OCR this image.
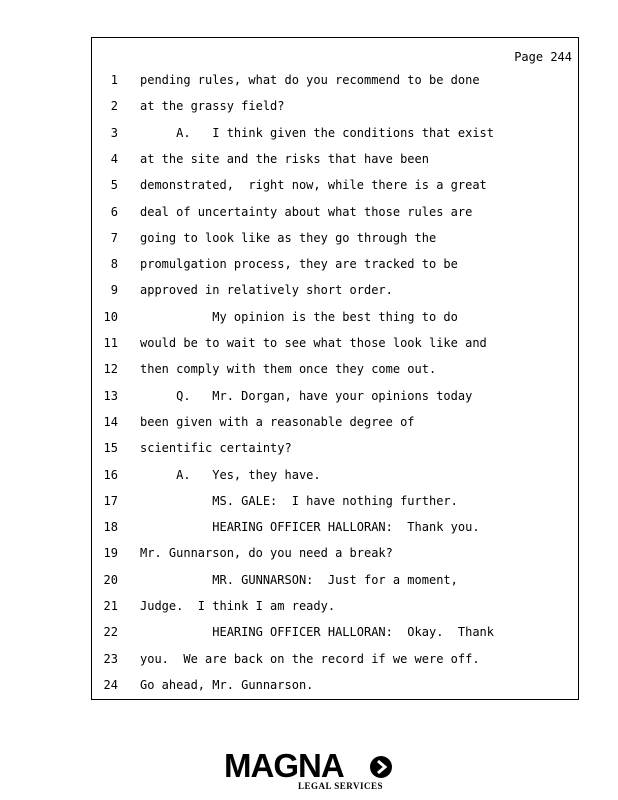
Page 244
1 pending rules, what do you recommend to be done
2 at the grassy field?
3 A.   I think given the conditions that exist
4 at the site and the risks that have been
5 demonstrated,  right now, while there is a great
6 deal of uncertainty about what those rules are
7 going to look like as they go through the
8 promulgation process, they are tracked to be
9 approved in relatively short order.
10 My opinion is the best thing to do
11 would be to wait to see what those look like and
12 then comply with them once they come out.
13 Q.   Mr. Dorgan, have your opinions today
14 been given with a reasonable degree of
15 scientific certainty?
16 A.   Yes, they have.
17 MS. GALE:  I have nothing further.
18 HEARING OFFICER HALLORAN:  Thank you.
19 Mr. Gunnarson, do you need a break?
20 MR. GUNNARSON:  Just for a moment,
21 Judge.  I think I am ready.
22 HEARING OFFICER HALLORAN:  Okay.  Thank
23 you.  We are back on the record if we were off.
24 Go ahead, Mr. Gunnarson.
MAGNA
LEGAL SERVICES
